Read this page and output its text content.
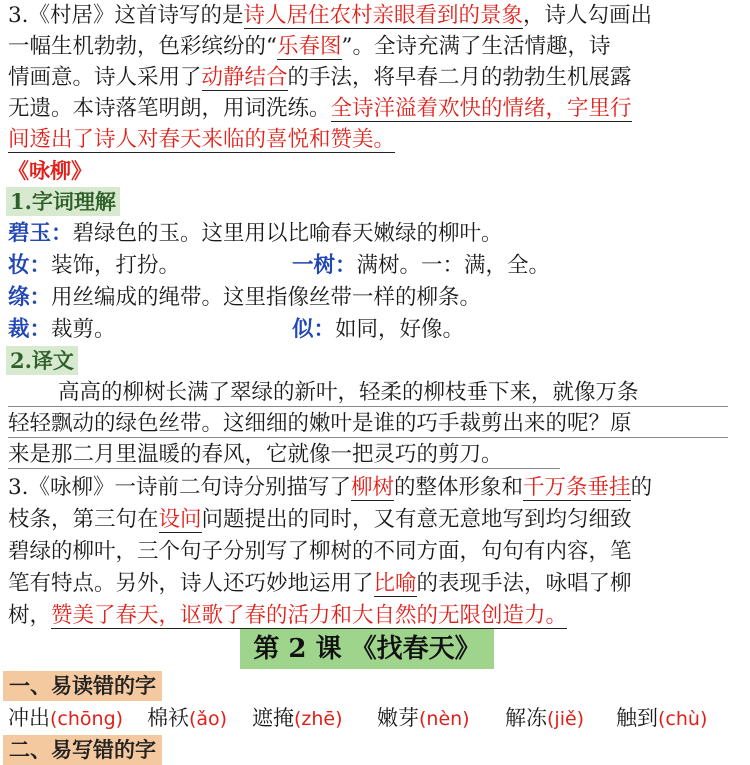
3.《村居》这首诗写的是诗人居住农村亲眼看到的景象，诗人勾画出
一幅生机勃勃，色彩缤纷的“乐春图”。全诗充满了生活情趣，诗
情画意。诗人采用了动静结合的手法，将早春二月的勃勃生机展露
无遗。本诗落笔明朗，用词洗练。全诗洋溢着欢快的情绪，字里行
间透出了诗人对春天来临的喜悦和赞美。
《咏柳》
1.字词理解
碧玉：碧绿色的玉。这里用以比喻春天嫩绿的柳叶。
妆：装饰，打扮。	一树：满树。一：满，全。
绦：用丝编成的绳带。这里指像丝带一样的柳条。
裁：裁剪。	似：如同，好像。
2.译文
高高的柳树长满了翠绿的新叶，轻柔的柳枝垂下来，就像万条
轻轻飘动的绿色丝带。这细细的嫩叶是谁的巧手裁剪出来的呢？原
来是那二月里温暖的春风，它就像一把灵巧的剪刀。
3.《咏柳》一诗前二句诗分别描写了柳树的整体形象和千万条垂挂的
枝条，第三句在设问问题提出的同时，又有意无意地写到均匀细致
碧绿的柳叶，三个句子分别写了柳树的不同方面，句句有内容，笔
笔有特点。另外，诗人还巧妙地运用了比喻的表现手法，咏唱了柳
树，赞美了春天，讴歌了春的活力和大自然的无限创造力。
第 2 课 《找春天》
一、易读错的字
冲出(chōng) 棉袄(ǎo) 遮掩(zhē) 嫩芽(nèn) 解冻(jiě) 触到(chù)
二、易写错的字
